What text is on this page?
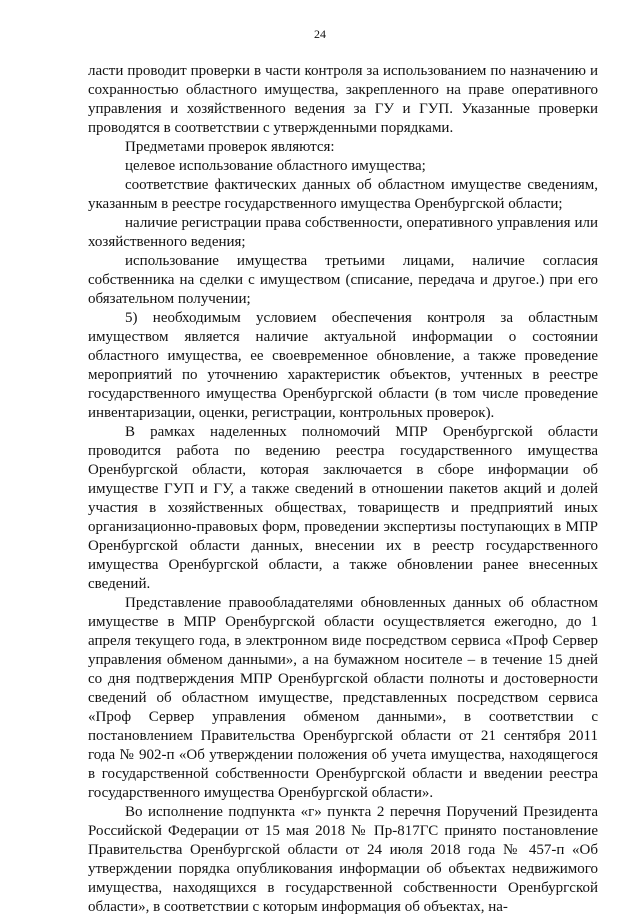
24

ласти проводит проверки в части контроля за использованием по назначению и сохранностью областного имущества, закрепленного на праве оперативного управления и хозяйственного ведения за ГУ и ГУП. Указанные проверки проводятся в соответствии с утвержденными порядками.

Предметами проверок являются:

целевое использование областного имущества;

соответствие фактических данных об областном имуществе сведениям, указанным в реестре государственного имущества Оренбургской области;

наличие регистрации права собственности, оперативного управления или хозяйственного ведения;

использование имущества третьими лицами, наличие согласия собственника на сделки с имуществом (списание, передача и другое.) при его обязательном получении;

5) необходимым условием обеспечения контроля за областным имуществом является наличие актуальной информации о состоянии областного имущества, ее своевременное обновление, а также проведение мероприятий по уточнению характеристик объектов, учтенных в реестре государственного имущества Оренбургской области (в том числе проведение инвентаризации, оценки, регистрации, контрольных проверок).

В рамках наделенных полномочий МПР Оренбургской области проводится работа по ведению реестра государственного имущества Оренбургской области, которая заключается в сборе информации об имуществе ГУП и ГУ, а также сведений в отношении пакетов акций и долей участия в хозяйственных обществах, товариществ и предприятий иных организационно-правовых форм, проведении экспертизы поступающих в МПР Оренбургской области данных, внесении их в реестр государственного имущества Оренбургской области, а также обновлении ранее внесенных сведений.

Представление правообладателями обновленных данных об областном имуществе в МПР Оренбургской области осуществляется ежегодно, до 1 апреля текущего года, в электронном виде посредством сервиса «Проф Сервер управления обменом данными», а на бумажном носителе – в течение 15 дней со дня подтверждения МПР Оренбургской области полноты и достоверности сведений об областном имуществе, представленных посредством сервиса «Проф Сервер управления обменом данными», в соответствии с постановлением Правительства Оренбургской области от 21 сентября 2011 года № 902-п «Об утверждении положения об учета имущества, находящегося в государственной собственности Оренбургской области и введении реестра государственного имущества Оренбургской области».

Во исполнение подпункта «г» пункта 2 перечня Поручений Президента Российской Федерации от 15 мая 2018 № Пр-817ГС принято постановление Правительства Оренбургской области от 24 июля 2018 года № 457-п «Об утверждении порядка опубликования информации об объектах недвижимого имущества, находящихся в государственной собственности Оренбургской области», в соответствии с которым информация об объектах, на-
